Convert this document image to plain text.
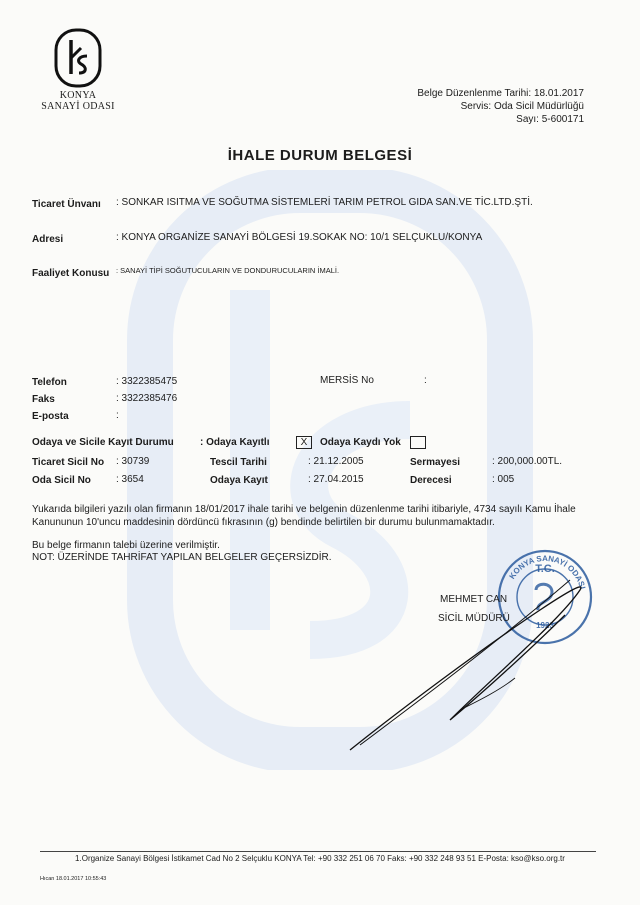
KONYA
SANAYİ ODASI
Belge Düzenlenme Tarihi: 18.01.2017
Servis: Oda Sicil Müdürlüğü
Sayı: 5-600171
İHALE DURUM BELGESİ
Ticaret Ünvanı : SONKAR ISITMA VE SOĞUTMA SİSTEMLERİ TARIM PETROL GIDA SAN.VE TİC.LTD.ŞTİ.
Adresi	: KONYA ORGANİZE SANAYİ BÖLGESİ 19.SOKAK NO: 10/1 SELÇUKLU/KONYA
Faaliyet Konusu : SANAYİ TİPİ SOĞUTUCULARIN VE DONDURUCULARIN İMALİ.
Telefon	: 3322385475	MERSİS No	:
Faks	: 3322385476
E-posta	:
Odaya ve Sicile Kayıt Durumu	: Odaya Kayıtlı	X	Odaya Kaydı Yok
Ticaret Sicil No : 30739	Tescil Tarihi	: 21.12.2005	Sermayesi	: 200,000.00TL.
Oda Sicil No	: 3654	Odaya Kayıt	: 27.04.2015	Derecesi	: 005
Yukarıda bilgileri yazılı olan firmanın 18/01/2017 ihale tarihi ve belgenin düzenlenme tarihi itibariyle, 4734 sayılı Kamu İhale Kanununun 10'uncu maddesinin dördüncü fıkrasının (g) bendinde belirtilen bir durumu bulunmamaktadır.
Bu belge firmanın talebi üzerine verilmiştir.
NOT: ÜZERİNDE TAHRİFAT YAPILAN BELGELER GEÇERSİZDİR.
KONYA SANAYİ ODASI
T.C.
1923
MEHMET CAN
SİCİL MÜDÜRÜ
1.Organize Sanayi Bölgesi İstikamet Cad No 2 Selçuklu KONYA Tel: +90 332 251 06 70 Faks: +90 332 248 93 51 E-Posta: kso@kso.org.tr
Hıcan 18.01.2017 10:55:43
